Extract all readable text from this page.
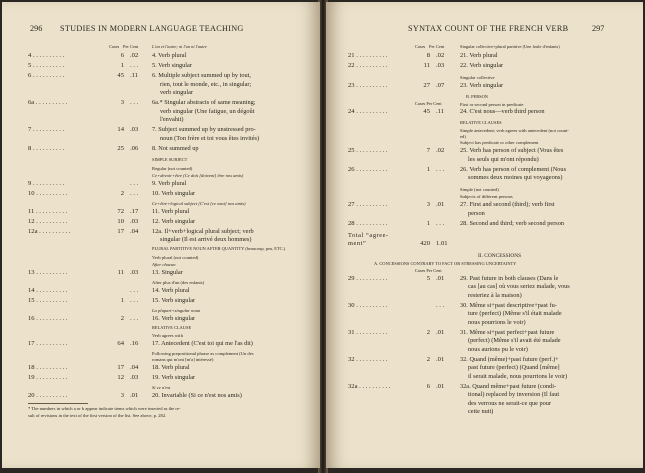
296 STUDIES IN MODERN LANGUAGE TEACHING
Cases Per Cent	L'un et l'autre; ni l'un ni l'autre
4 . . . . . . . . . .	6 .02 4. Verb plural
5 . . . . . . . . . .	1 . . . 5. Verb singular
6 . . . . . . . . . .	45 .11 6. Multiple subject summed up by tout,
rien, tout le monde, etc., in singular;
verb singular
6a . . . . . . . . . .	3 . . . 6a.* Singular abstracts of same meaning;
verb singular (Une fatigue, un dégoût
l'envahit)
7 . . . . . . . . . .	14 .03 7. Subject summed up by unstressed pro-
noun (Ton frère et toi vous êtes invités)
8 . . . . . . . . . .	25 .06 8. Not summed up
SIMPLE SUBJECT
Regular (not counted)
Ce+devoir+être (Ce doit [doivent] être nos amis)
9 . . . . . . . . . .	. . . 9. Verb plural
10 . . . . . . . . . .	2 . . . 10. Verb singular
Ce+être+logical subject (C'est [ce sont] nos amis)
11 . . . . . . . . . .	72 .17 11. Verb plural
12 . . . . . . . . . .	10 .03 12. Verb singular
12a . . . . . . . . . .	17 .04 12a. Il+verb+logical plural subject; verb
singular (Il est arrivé deux hommes)
PLURAL PARTITIVE NOUN AFTER QUANTITY (beaucoup, peu, ETC.)
Verb plural (not counted)
After chacun
13 . . . . . . . . . .	11 .03 13. Singular
After plus d'un (des enfants)
14 . . . . . . . . . .	. . . 14. Verb plural
15 . . . . . . . . . .	1 . . . 15. Verb singular
La plupart+singular noun
16 . . . . . . . . . .	2 . . . 16. Verb singular
RELATIVE CLAUSE
Verb agrees with
17 . . . . . . . . . .	64 .16 17. Antecedent (C'est toi qui me l'as dit)
Following prepositional phrase as complement (Un des
romans qui m'ont [m'a] intéressé)
18 . . . . . . . . . .	17 .04 18. Verb plural
19 . . . . . . . . . .	12 .03 19. Verb singular
Si ce n'est
20 . . . . . . . . . .	3 .01 20. Invariable (Si ce n'est nos amis)
* The numbers in which a or b appear indicate items which were inserted as the re-
sult of revisions in the text of the first version of the list. See above, p. 282.
297
SYNTAX COUNT OF THE FRENCH VERB
Cases Per Cent	Singular collective+plural partitive (Une foule d'enfants)
21 . . . . . . . . . .	8 .02	21. Verb plural
22 . . . . . . . . . .	11 .03	22. Verb singular
Singular collective
23 . . . . . . . . . .	27 .07	23. Verb singular
B. PERSON
Cases Per Cent	First or second person in predicate
24 . . . . . . . . . .	45 .11	24. C'est nous—verb third person
RELATIVE CLAUSES
Simple antecedent; verb agrees with antecedent (not count-
ed)
Subject has predicate or other complement
25 . . . . . . . . . .	7 .02	25. Verb has person of subject (Vous êtes
les seuls qui m'ont répondu)
26 . . . . . . . . . .	1 . . .	26. Verb has person of complement (Nous
sommes deux moines qui voyageons)
Simple (not counted)
Subjects of different persons
27 . . . . . . . . . .	3 .01	27. First and second (third); verb first
person
28 . . . . . . . . . .	1 . . .	28. Second and third; verb second person
Total “agree-
ment”	420 1.01
II. CONCESSIONS
A. CONCESSIONS CONTRARY TO FACT OR STRESSING UNCERTAINTY
Cases Per Cent
29 . . . . . . . . . .	5 .01	29. Past future in both clauses (Dans le
cas [au cas] où vous seriez malade, vous
resteriez à la maison)
30 . . . . . . . . . .	. . .	30. Même si+past descriptive+past fu-
ture (perfect) (Même s'il était malade
nous pourrions le voir)
31 . . . . . . . . . .	2 .01	31. Même si+past perfect+past future
(perfect) (Même s'il avait été malade
nous aurions pu le voir)
32 . . . . . . . . . .	2 .01	32. Quand (même)+past future (perf.)+
past future (perfect) (Quand [même]
il serait malade, nous pourrions le voir)
32a . . . . . . . . . .	6 .01	32a. Quand même+past future (condi-
tional) replaced by inversion (Il faut
des verrous ne serait-ce que pour
cette nuit)
